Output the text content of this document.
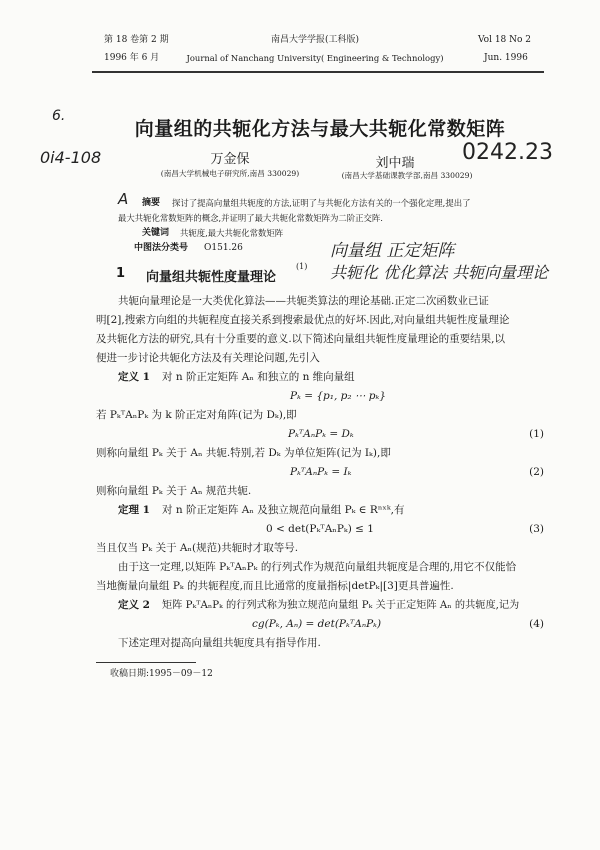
第 18 卷第 2 期
1996 年 6 月
南昌大学学报(工科版)
Journal of Nanchang University( Engineering & Technology)
Vol 18 No 2
Jun. 1996
6.
0i4-108	0242.23
A
向量组 正定矩阵
共轭化 优化算法 共轭向量理论
向量组的共轭化方法与最大共轭化常数矩阵
万金保
(南昌大学机械电子研究所,南昌 330029)
刘中瑞
(南昌大学基础课教学部,南昌 330029)
摘要 探讨了提高向量组共轭度的方法,证明了与共轭化方法有关的一个强化定理,提出了
最大共轭化常数矩阵的概念,并证明了最大共轭化常数矩阵为二阶正交阵.
关键词 共轭度,最大共轭化常数矩阵
中图法分类号 O151.26
1 向量组共轭性度量理论
(1)
共轭向量理论是一大类优化算法——共轭类算法的理论基础.正定二次函数业已证
明[2],搜索方向组的共轭程度直接关系到搜索最优点的好坏.因此,对向量组共轭性度量理论
及共轭化方法的研究,具有十分重要的意义.以下简述向量组共轭性度量理论的重要结果,以
便进一步讨论共轭化方法及有关理论问题,先引入
定义 1 对 n 阶正定矩阵 Aₙ 和独立的 n 维向量组
Pₖ = {p₁, p₂ ⋯ pₖ}
若 PₖᵀAₙPₖ 为 k 阶正定对角阵(记为 Dₖ),即
PₖᵀAₙPₖ = Dₖ	(1)
则称向量组 Pₖ 关于 Aₙ 共轭.特别,若 Dₖ 为单位矩阵(记为 Iₖ),即
PₖᵀAₙPₖ = Iₖ	(2)
则称向量组 Pₖ 关于 Aₙ 规范共轭.
定理 1 对 n 阶正定矩阵 Aₙ 及独立规范向量组 Pₖ ∈ Rⁿˣᵏ,有
0 < det(PₖᵀAₙPₖ) ≤ 1	(3)
当且仅当 Pₖ 关于 Aₙ(规范)共轭时才取等号.
由于这一定理,以矩阵 PₖᵀAₙPₖ 的行列式作为规范向量组共轭度是合理的,用它不仅能恰
当地衡量向量组 Pₖ 的共轭程度,而且比通常的度量指标|detPₖ|[3]更具普遍性.
定义 2 矩阵 PₖᵀAₙPₖ 的行列式称为独立规范向量组 Pₖ 关于正定矩阵 Aₙ 的共轭度,记为
cg(Pₖ, Aₙ) = det(PₖᵀAₙPₖ)	(4)
下述定理对提高向量组共轭度具有指导作用.
收稿日期:1995－09－12
